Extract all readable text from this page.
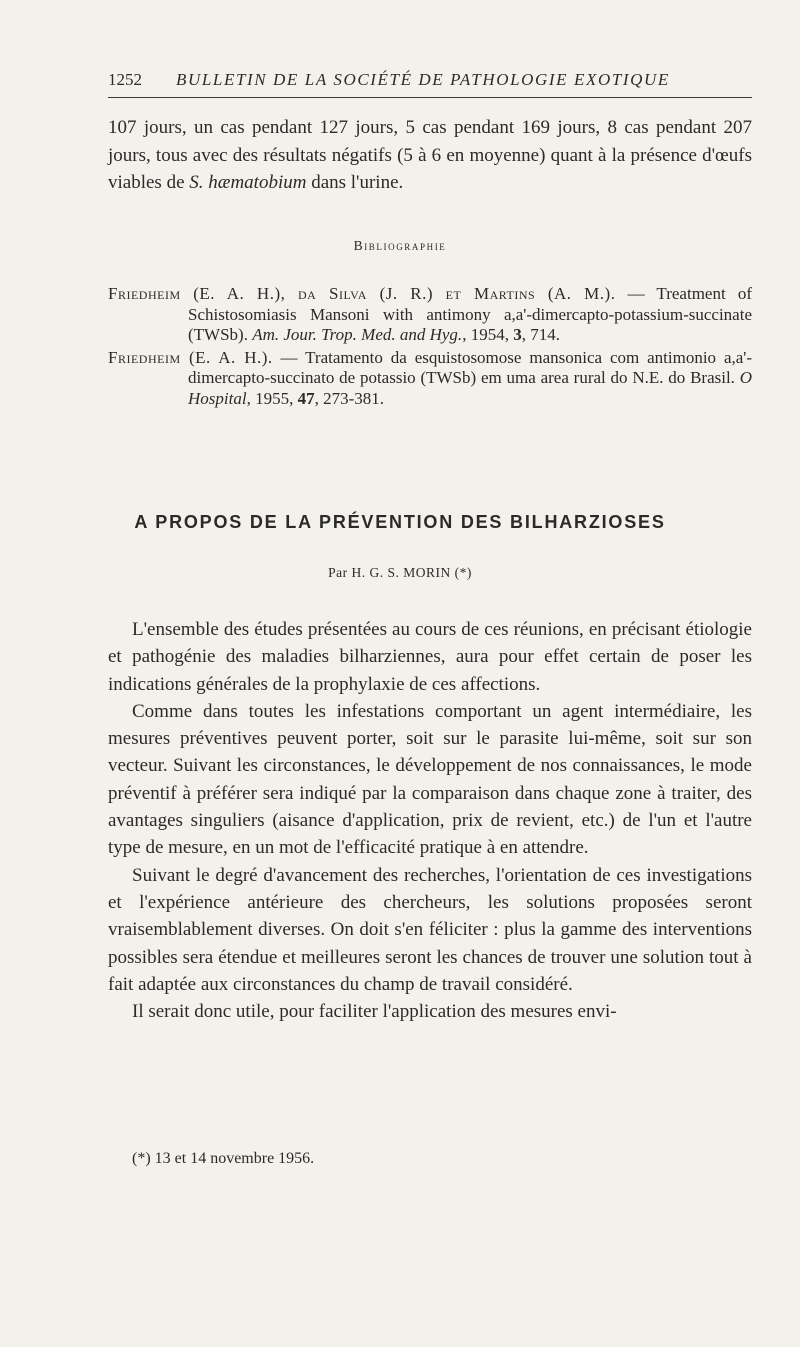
1252 BULLETIN DE LA SOCIÉTÉ DE PATHOLOGIE EXOTIQUE

107 jours, un cas pendant 127 jours, 5 cas pendant 169 jours, 8 cas pendant 207 jours, tous avec des résultats négatifs (5 à 6 en moyenne) quant à la présence d'œufs viables de S. hæmatobium dans l'urine.

Bibliographie

Friedheim (E. A. H.), da Silva (J. R.) et Martins (A. M.). — Treatment of Schistosomiasis Mansoni with antimony a,a'-dimercapto-potassium-succinate (TWSb). Am. Jour. Trop. Med. and Hyg., 1954, 3, 714.

Friedheim (E. A. H.). — Tratamento da esquistosomose mansonica com antimonio a,a'-dimercapto-succinato de potassio (TWSb) em uma area rural do N.E. do Brasil. O Hospital, 1955, 47, 273-381.

A PROPOS DE LA PRÉVENTION DES BILHARZIOSES
Par H. G. S. MORIN (*)

L'ensemble des études présentées au cours de ces réunions, en précisant étiologie et pathogénie des maladies bilharziennes, aura pour effet certain de poser les indications générales de la prophylaxie de ces affections.

Comme dans toutes les infestations comportant un agent intermédiaire, les mesures préventives peuvent porter, soit sur le parasite lui-même, soit sur son vecteur. Suivant les circonstances, le développement de nos connaissances, le mode préventif à préférer sera indiqué par la comparaison dans chaque zone à traiter, des avantages singuliers (aisance d'application, prix de revient, etc.) de l'un et l'autre type de mesure, en un mot de l'efficacité pratique à en attendre.

Suivant le degré d'avancement des recherches, l'orientation de ces investigations et l'expérience antérieure des chercheurs, les solutions proposées seront vraisemblablement diverses. On doit s'en féliciter : plus la gamme des interventions possibles sera étendue et meilleures seront les chances de trouver une solution tout à fait adaptée aux circonstances du champ de travail considéré.

Il serait donc utile, pour faciliter l'application des mesures envi-

(*) 13 et 14 novembre 1956.
